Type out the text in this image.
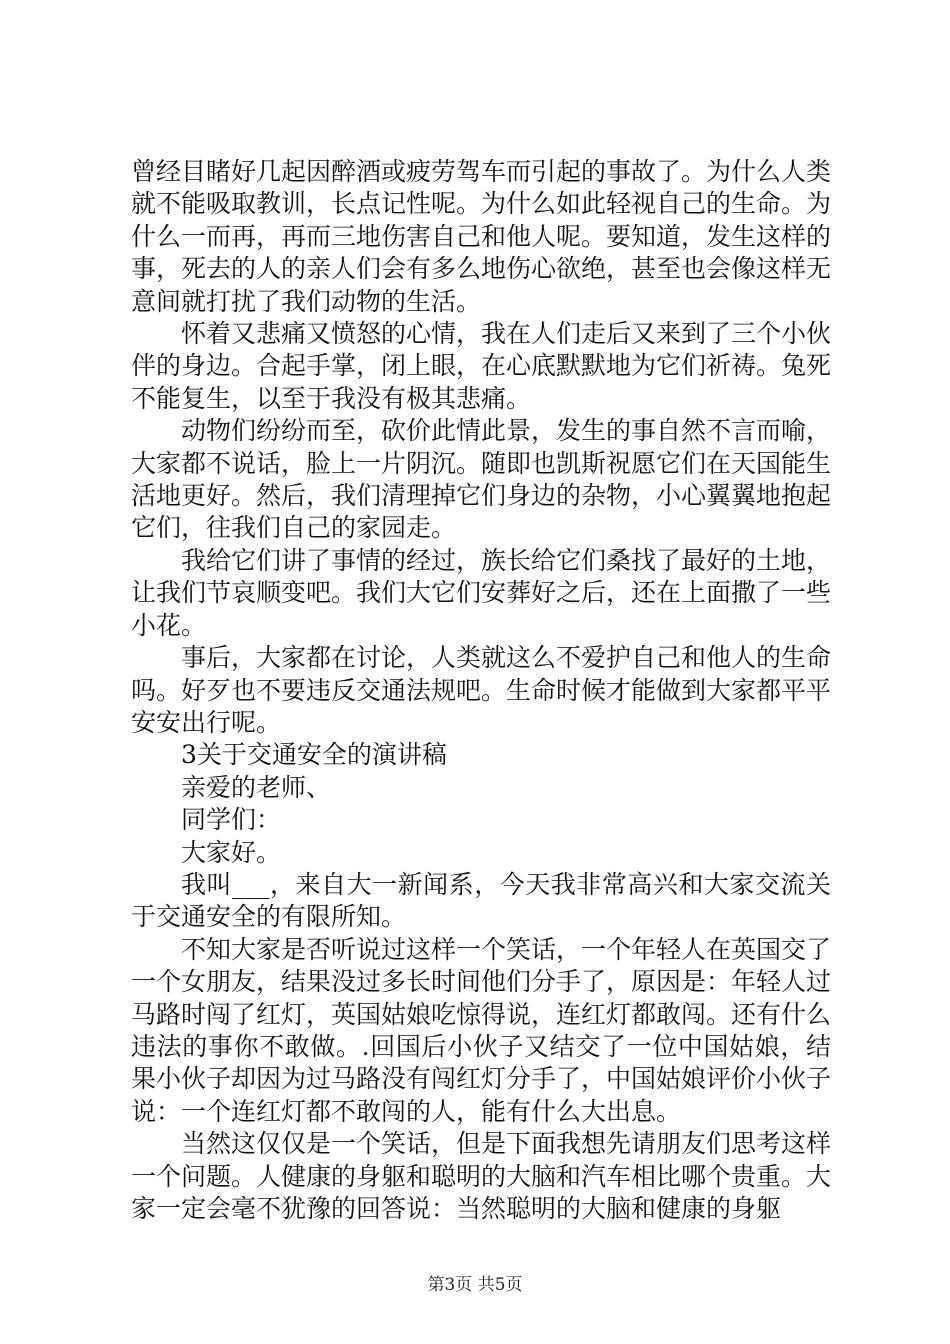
曾经目睹好几起因醉酒或疲劳驾车而引起的事故了。为什么人类就不能吸取教训，长点记性呢。为什么如此轻视自己的生命。为什么一而再，再而三地伤害自己和他人呢。要知道，发生这样的事，死去的人的亲人们会有多么地伤心欲绝，甚至也会像这样无意间就打扰了我们动物的生活。

怀着又悲痛又愤怒的心情，我在人们走后又来到了三个小伙伴的身边。合起手掌，闭上眼，在心底默默地为它们祈祷。兔死不能复生，以至于我没有极其悲痛。

动物们纷纷而至，砍价此情此景，发生的事自然不言而喻，大家都不说话，脸上一片阴沉。随即也凯斯祝愿它们在天国能生活地更好。然后，我们清理掉它们身边的杂物，小心翼翼地抱起它们，往我们自己的家园走。

我给它们讲了事情的经过，族长给它们桑找了最好的土地，让我们节哀顺变吧。我们大它们安葬好之后，还在上面撒了一些小花。

事后，大家都在讨论，人类就这么不爱护自己和他人的生命吗。好歹也不要违反交通法规吧。生命时候才能做到大家都平平安安出行呢。

3关于交通安全的演讲稿

亲爱的老师、

同学们：

大家好。

我叫___，来自大一新闻系，今天我非常高兴和大家交流关于交通安全的有限所知。

不知大家是否听说过这样一个笑话，一个年轻人在英国交了一个女朋友，结果没过多长时间他们分手了，原因是：年轻人过马路时闯了红灯，英国姑娘吃惊得说，连红灯都敢闯。还有什么违法的事你不敢做。.回国后小伙子又结交了一位中国姑娘，结果小伙子却因为过马路没有闯红灯分手了，中国姑娘评价小伙子说：一个连红灯都不敢闯的人，能有什么大出息。

当然这仅仅是一个笑话，但是下面我想先请朋友们思考这样一个问题。人健康的身躯和聪明的大脑和汽车相比哪个贵重。大家一定会毫不犹豫的回答说：当然聪明的大脑和健康的身躯

第3页 共5页
